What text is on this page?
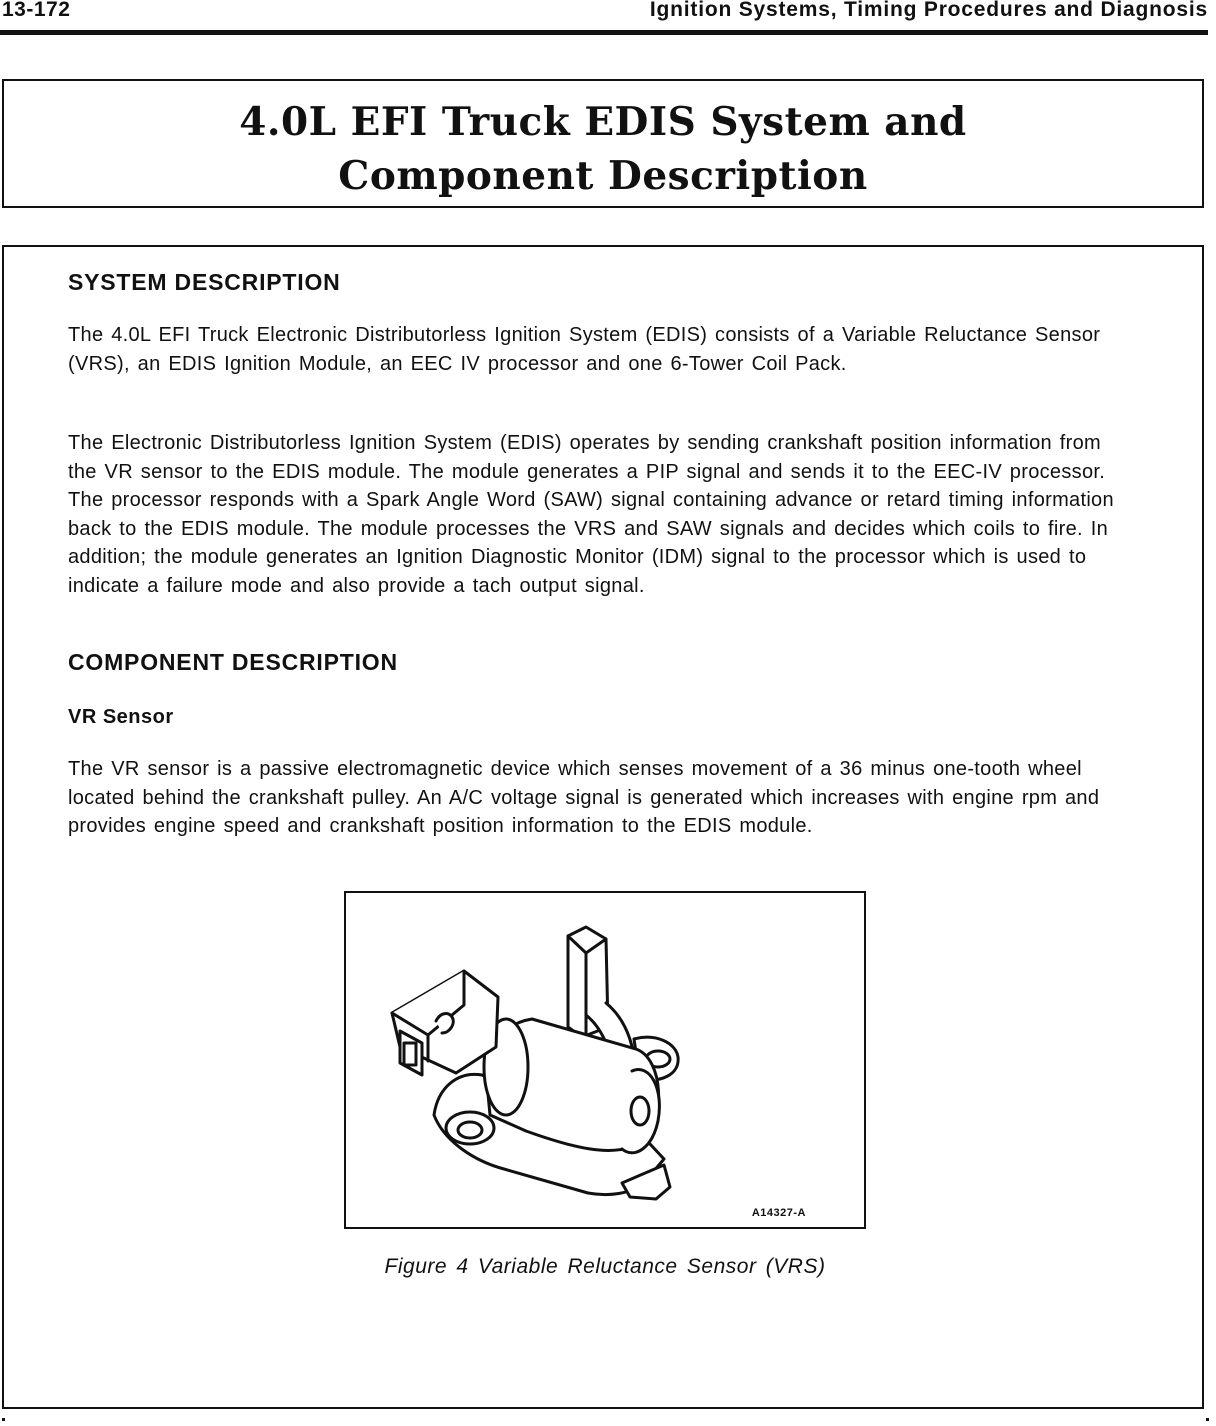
13-172	Ignition Systems, Timing Procedures and Diagnosis
4.0L EFI Truck EDIS System and
Component Description
SYSTEM DESCRIPTION

The 4.0L EFI Truck Electronic Distributorless Ignition System (EDIS) consists of a Variable Reluctance Sensor (VRS), an EDIS Ignition Module, an EEC IV processor and one 6-Tower Coil Pack.

The Electronic Distributorless Ignition System (EDIS) operates by sending crankshaft position information from the VR sensor to the EDIS module. The module generates a PIP signal and sends it to the EEC-IV processor. The processor responds with a Spark Angle Word (SAW) signal containing advance or retard timing information back to the EDIS module. The module processes the VRS and SAW signals and decides which coils to fire. In addition; the module generates an Ignition Diagnostic Monitor (IDM) signal to the processor which is used to indicate a failure mode and also provide a tach output signal.

COMPONENT DESCRIPTION
VR Sensor

The VR sensor is a passive electromagnetic device which senses movement of a 36 minus one-tooth wheel located behind the crankshaft pulley. An A/C voltage signal is generated which increases with engine rpm and provides engine speed and crankshaft position information to the EDIS module.

A14327-A

Figure 4 Variable Reluctance Sensor (VRS)
